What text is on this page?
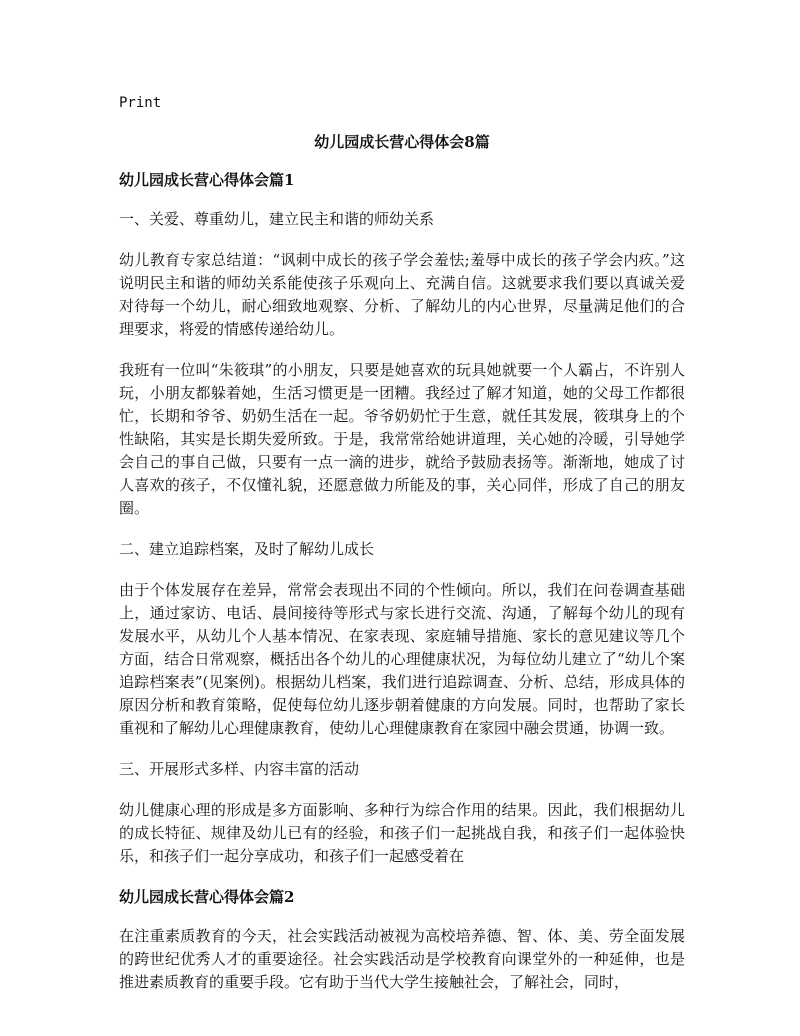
Print
幼儿园成长营心得体会8篇
幼儿园成长营心得体会篇1
一、关爱、尊重幼儿，建立民主和谐的师幼关系
幼儿教育专家总结道：“讽刺中成长的孩子学会羞怯;羞辱中成长的孩子学会内疚。”这说明民主和谐的师幼关系能使孩子乐观向上、充满自信。这就要求我们要以真诚关爱对待每一个幼儿，耐心细致地观察、分析、了解幼儿的内心世界，尽量满足他们的合理要求，将爱的情感传递给幼儿。
我班有一位叫“朱筱琪”的小朋友，只要是她喜欢的玩具她就要一个人霸占，不许别人玩，小朋友都躲着她，生活习惯更是一团糟。我经过了解才知道，她的父母工作都很忙，长期和爷爷、奶奶生活在一起。爷爷奶奶忙于生意，就任其发展，筱琪身上的个性缺陷，其实是长期失爱所致。于是，我常常给她讲道理，关心她的冷暖，引导她学会自己的事自己做，只要有一点一滴的进步，就给予鼓励表扬等。渐渐地，她成了讨人喜欢的孩子，不仅懂礼貌，还愿意做力所能及的事，关心同伴，形成了自己的朋友圈。
二、建立追踪档案，及时了解幼儿成长
由于个体发展存在差异，常常会表现出不同的个性倾向。所以，我们在问卷调查基础上，通过家访、电话、晨间接待等形式与家长进行交流、沟通，了解每个幼儿的现有发展水平，从幼儿个人基本情况、在家表现、家庭辅导措施、家长的意见建议等几个方面，结合日常观察，概括出各个幼儿的心理健康状况，为每位幼儿建立了“幼儿个案追踪档案表”(见案例)。根据幼儿档案，我们进行追踪调查、分析、总结，形成具体的原因分析和教育策略，促使每位幼儿逐步朝着健康的方向发展。同时，也帮助了家长重视和了解幼儿心理健康教育，使幼儿心理健康教育在家园中融会贯通，协调一致。
三、开展形式多样、内容丰富的活动
幼儿健康心理的形成是多方面影响、多种行为综合作用的结果。因此，我们根据幼儿的成长特征、规律及幼儿已有的经验，和孩子们一起挑战自我，和孩子们一起体验快乐，和孩子们一起分享成功，和孩子们一起感受着在
幼儿园成长营心得体会篇2
在注重素质教育的今天，社会实践活动被视为高校培养德、智、体、美、劳全面发展的跨世纪优秀人才的重要途径。社会实践活动是学校教育向课堂外的一种延伸，也是推进素质教育的重要手段。它有助于当代大学生接触社会，了解社会，同时，
